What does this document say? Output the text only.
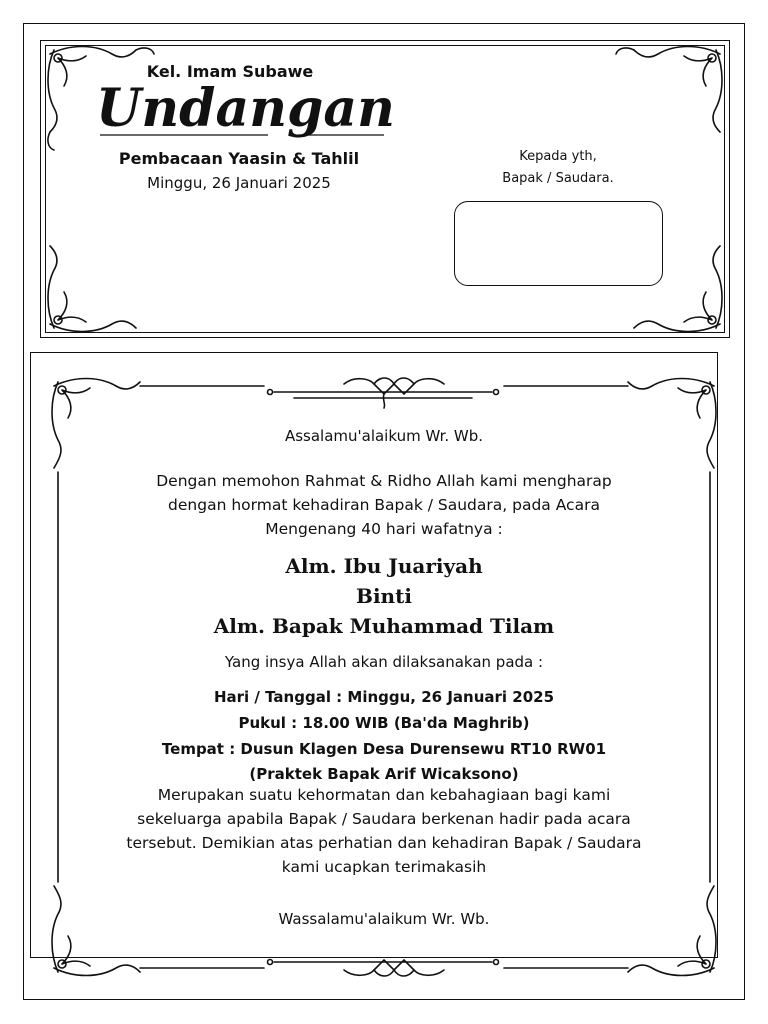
Kel. Imam Subawe
Undangan
Pembacaan Yaasin & Tahlil
Minggu, 26 Januari 2025
Kepada yth,
Bapak / Saudara.
Assalamu'alaikum Wr. Wb.
Dengan memohon Rahmat & Ridho Allah kami mengharap
dengan hormat kehadiran Bapak / Saudara, pada Acara
Mengenang 40 hari wafatnya :
Alm. Ibu Juariyah
Binti
Alm. Bapak Muhammad Tilam
Yang insya Allah akan dilaksanakan pada :
Hari / Tanggal : Minggu, 26 Januari 2025
Pukul : 18.00 WIB (Ba'da Maghrib)
Tempat : Dusun Klagen Desa Durensewu RT10 RW01
(Praktek Bapak Arif Wicaksono)
Merupakan suatu kehormatan dan kebahagiaan bagi kami
sekeluarga apabila Bapak / Saudara berkenan hadir pada acara
tersebut. Demikian atas perhatian dan kehadiran Bapak / Saudara
kami ucapkan terimakasih
Wassalamu'alaikum Wr. Wb.
